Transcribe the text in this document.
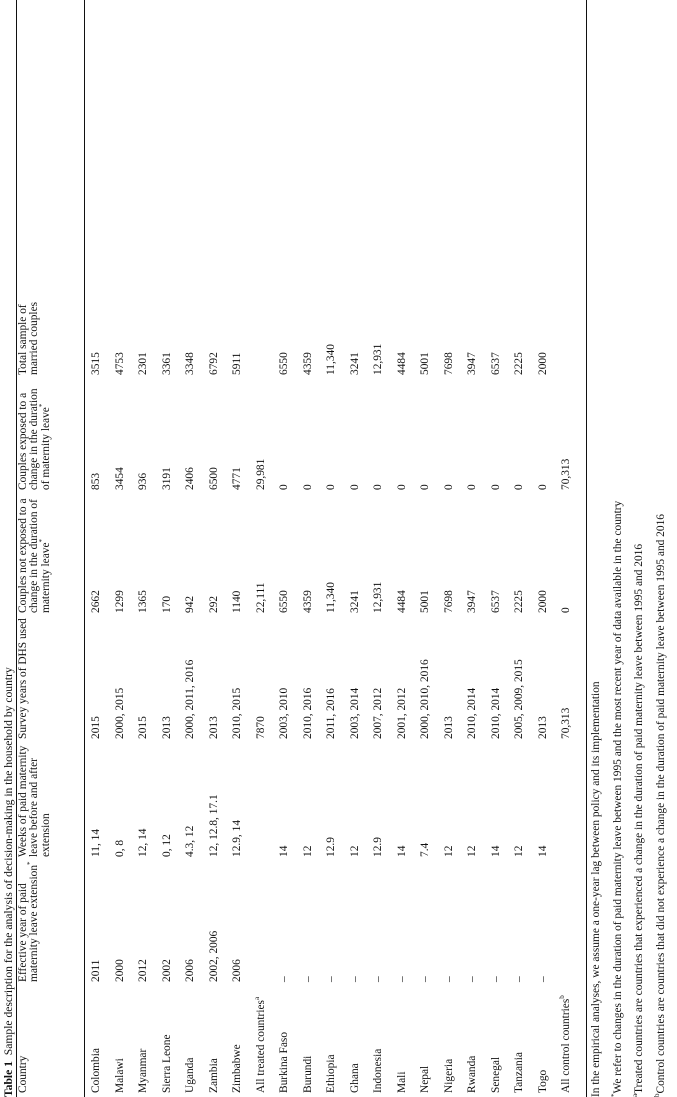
Table 1  Sample description for the analysis of decision-making in the household by country
Country
Effective year of paid maternity leave extension*
Weeks of paid maternity leave before and after extension
Survey years of DHS used
Couples not exposed to a change in the duration of maternity leave*
Couples exposed to a change in the duration of maternity leave*
Total sample of married couples
Colombia
2011
11, 14
2015
2662
853
3515
Malawi
2000
0, 8
2000, 2015
1299
3454
4753
Myanmar
2012
12, 14
2015
1365
936
2301
Sierra Leone
2002
0, 12
2013
170
3191
3361
Uganda
2006
4.3, 12
2000, 2011, 2016
942
2406
3348
Zambia
2002, 2006
12, 12.8, 17.1
2013
292
6500
6792
Zimbabwe
2006
12.9, 14
2010, 2015
1140
4771
5911
All treated countries$^a$
7870
22,111
29,981
Burkina Faso
–
14
2003, 2010
6550
0
6550
Burundi
–
12
2010, 2016
4359
0
4359
Ethiopia
–
12.9
2011, 2016
11,340
0
11,340
Ghana
–
12
2003, 2014
3241
0
3241
Indonesia
–
12.9
2007, 2012
12,931
0
12,931
Mali
–
14
2001, 2012
4484
0
4484
Nepal
–
7.4
2000, 2010, 2016
5001
0
5001
Nigeria
–
12
2013
7698
0
7698
Rwanda
–
12
2010, 2014
3947
0
3947
Senegal
–
14
2010, 2014
6537
0
6537
Tanzania
–
12
2005, 2009, 2015
2225
0
2225
Togo
–
14
2013
2000
0
2000
All control countries$^b$
70,313
0
70,313
In the empirical analyses, we assume a one-year lag between policy and its implementation *We refer to changes in the duration of paid maternity leave between 1995 and the most recent year of data available in the country
$^a$Treated countries are countries that experienced a change in the duration of paid maternity leave between 1995 and 2016
$^b$Control countries are countries that did not experience a change in the duration of paid maternity leave between 1995 and 2016
